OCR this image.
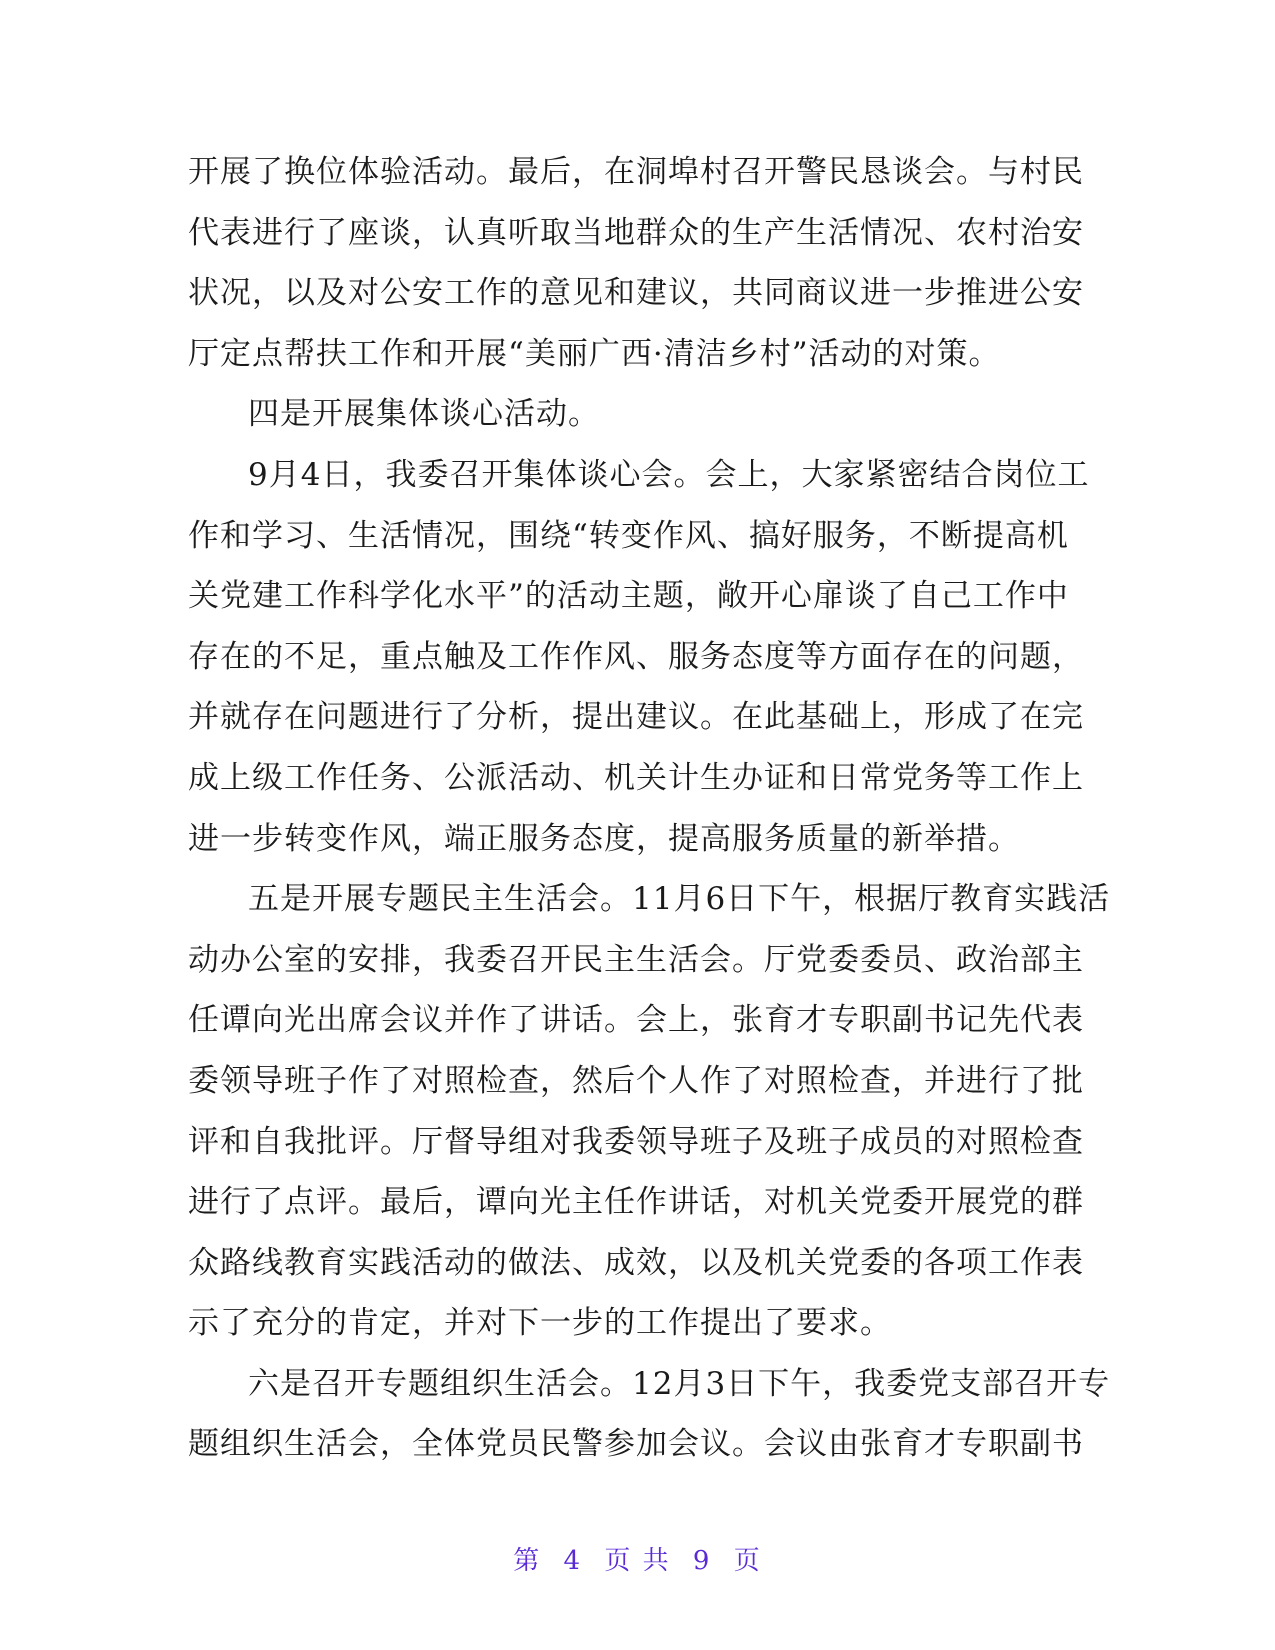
开展了换位体验活动。最后，在洞埠村召开警民恳谈会。与村民
代表进行了座谈，认真听取当地群众的生产生活情况、农村治安
状况，以及对公安工作的意见和建议，共同商议进一步推进公安
厅定点帮扶工作和开展“美丽广西·清洁乡村”活动的对策。
四是开展集体谈心活动。
9月4日，我委召开集体谈心会。会上，大家紧密结合岗位工
作和学习、生活情况，围绕“转变作风、搞好服务，不断提高机
关党建工作科学化水平”的活动主题，敞开心扉谈了自己工作中
存在的不足，重点触及工作作风、服务态度等方面存在的问题，
并就存在问题进行了分析，提出建议。在此基础上，形成了在完
成上级工作任务、公派活动、机关计生办证和日常党务等工作上
进一步转变作风，端正服务态度，提高服务质量的新举措。
五是开展专题民主生活会。11月6日下午，根据厅教育实践活
动办公室的安排，我委召开民主生活会。厅党委委员、政治部主
任谭向光出席会议并作了讲话。会上，张育才专职副书记先代表
委领导班子作了对照检查，然后个人作了对照检查，并进行了批
评和自我批评。厅督导组对我委领导班子及班子成员的对照检查
进行了点评。最后，谭向光主任作讲话，对机关党委开展党的群
众路线教育实践活动的做法、成效，以及机关党委的各项工作表
示了充分的肯定，并对下一步的工作提出了要求。
六是召开专题组织生活会。12月3日下午，我委党支部召开专
题组织生活会，全体党员民警参加会议。会议由张育才专职副书
第 4 页 共 9 页
